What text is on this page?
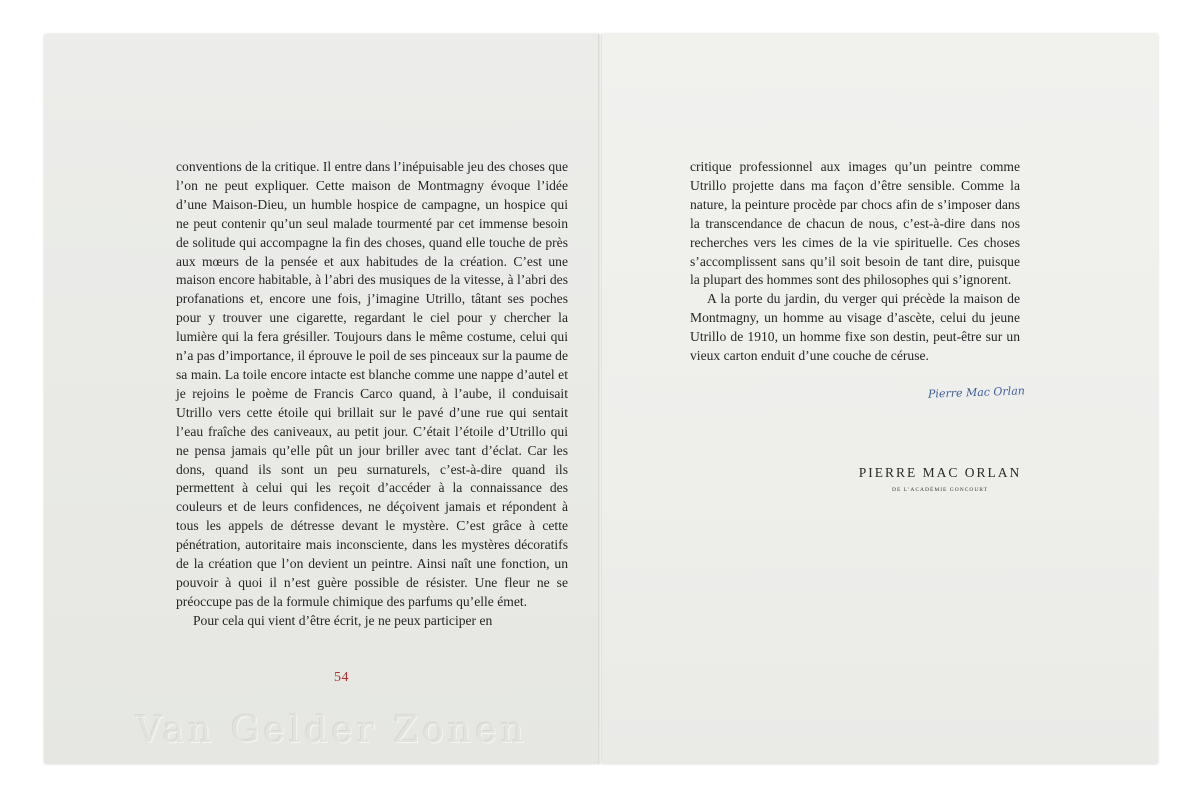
conventions de la critique. Il entre dans l’inépuisable jeu des choses que l’on ne peut expliquer. Cette maison de Montmagny évoque l’idée d’une Maison-Dieu, un humble hospice de campagne, un hospice qui ne peut contenir qu’un seul malade tourmenté par cet immense besoin de solitude qui accompagne la fin des choses, quand elle touche de près aux mœurs de la pensée et aux habitudes de la création. C’est une maison encore habitable, à l’abri des musiques de la vitesse, à l’abri des profanations et, encore une fois, j’imagine Utrillo, tâtant ses poches pour y trouver une cigarette, regardant le ciel pour y chercher la lumière qui la fera grésiller. Toujours dans le même costume, celui qui n’a pas d’importance, il éprouve le poil de ses pinceaux sur la paume de sa main. La toile encore intacte est blanche comme une nappe d’autel et je rejoins le poème de Francis Carco quand, à l’aube, il conduisait Utrillo vers cette étoile qui brillait sur le pavé d’une rue qui sentait l’eau fraîche des caniveaux, au petit jour. C’était l’étoile d’Utrillo qui ne pensa jamais qu’elle pût un jour briller avec tant d’éclat. Car les dons, quand ils sont un peu surnaturels, c’est-à-dire quand ils permettent à celui qui les reçoit d’accéder à la connaissance des couleurs et de leurs confidences, ne déçoivent jamais et répondent à tous les appels de détresse devant le mystère. C’est grâce à cette pénétration, autoritaire mais inconsciente, dans les mystères décoratifs de la création que l’on devient un peintre. Ainsi naît une fonction, un pouvoir à quoi il n’est guère possible de résister. Une fleur ne se préoccupe pas de la formule chimique des parfums qu’elle émet.

Pour cela qui vient d’être écrit, je ne peux participer en

54
Van Gelder Zonen

critique professionnel aux images qu’un peintre comme Utrillo projette dans ma façon d’être sensible. Comme la nature, la peinture procède par chocs afin de s’imposer dans la transcendance de chacun de nous, c’est-à-dire dans nos recherches vers les cimes de la vie spirituelle. Ces choses s’accomplissent sans qu’il soit besoin de tant dire, puisque la plupart des hommes sont des philosophes qui s’ignorent.

A la porte du jardin, du verger qui précède la maison de Montmagny, un homme au visage d’ascète, celui du jeune Utrillo de 1910, un homme fixe son destin, peut-être sur un vieux carton enduit d’une couche de céruse.

Pierre Mac Orlan
PIERRE MAC ORLAN
DE L’ACADÉMIE GONCOURT
